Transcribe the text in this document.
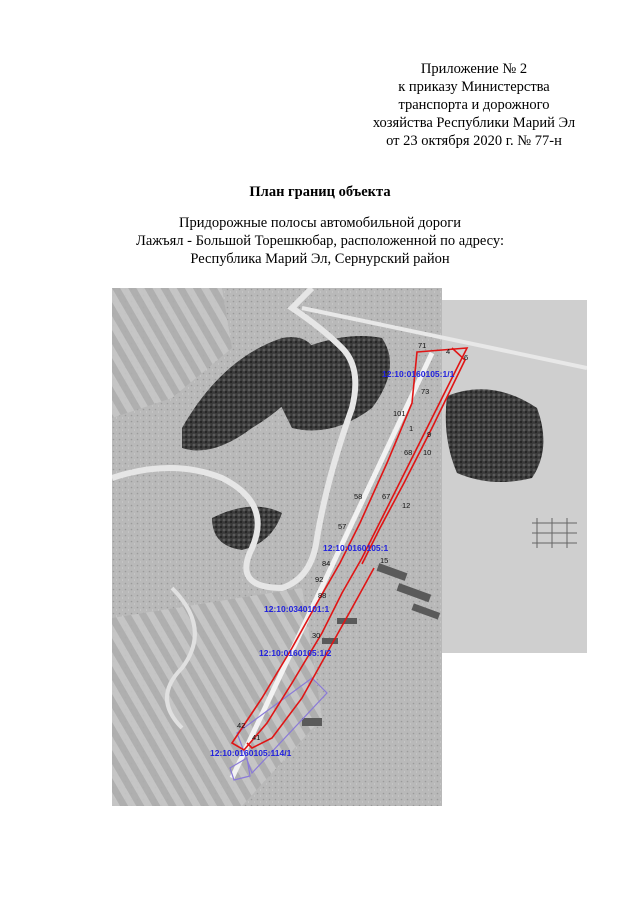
Приложение № 2
к приказу Министерства
транспорта и дорожного
хозяйства Республики Марий Эл
от 23 октября 2020 г. № 77-н
План границ объекта
Придорожные полосы автомобильной дороги
Лажъял - Большой Торешкюбар, расположенной по адресу:
Республика Марий Эл, Сернурский район
71
4
6
73
101
1
9
68 10
58	67
12
57
84
92
15
88
30
42
41
12:10:0160105:1/1
12:10:0160105:1
12:10:0340101:1
12:10:0160105:1/2
12:10:0160105:114/1
